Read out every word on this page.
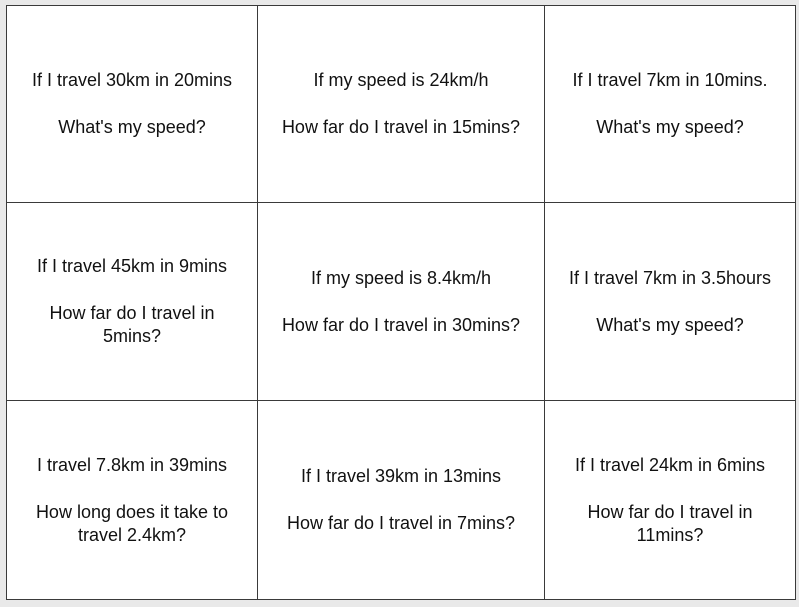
If I travel 30km in 20mins
What's my speed?
If my speed is 24km/h
How far do I travel in 15mins?
If I travel 7km in 10mins.
What's my speed?
If I travel 45km in 9mins
How far do I travel in 5mins?
If my speed is 8.4km/h
How far do I travel in 30mins?
If I travel 7km in 3.5hours
What's my speed?
I travel 7.8km in 39mins
How long does it take to travel 2.4km?
If I travel 39km in 13mins
How far do I travel in 7mins?
If I travel 24km in 6mins
How far do I travel in 11mins?
